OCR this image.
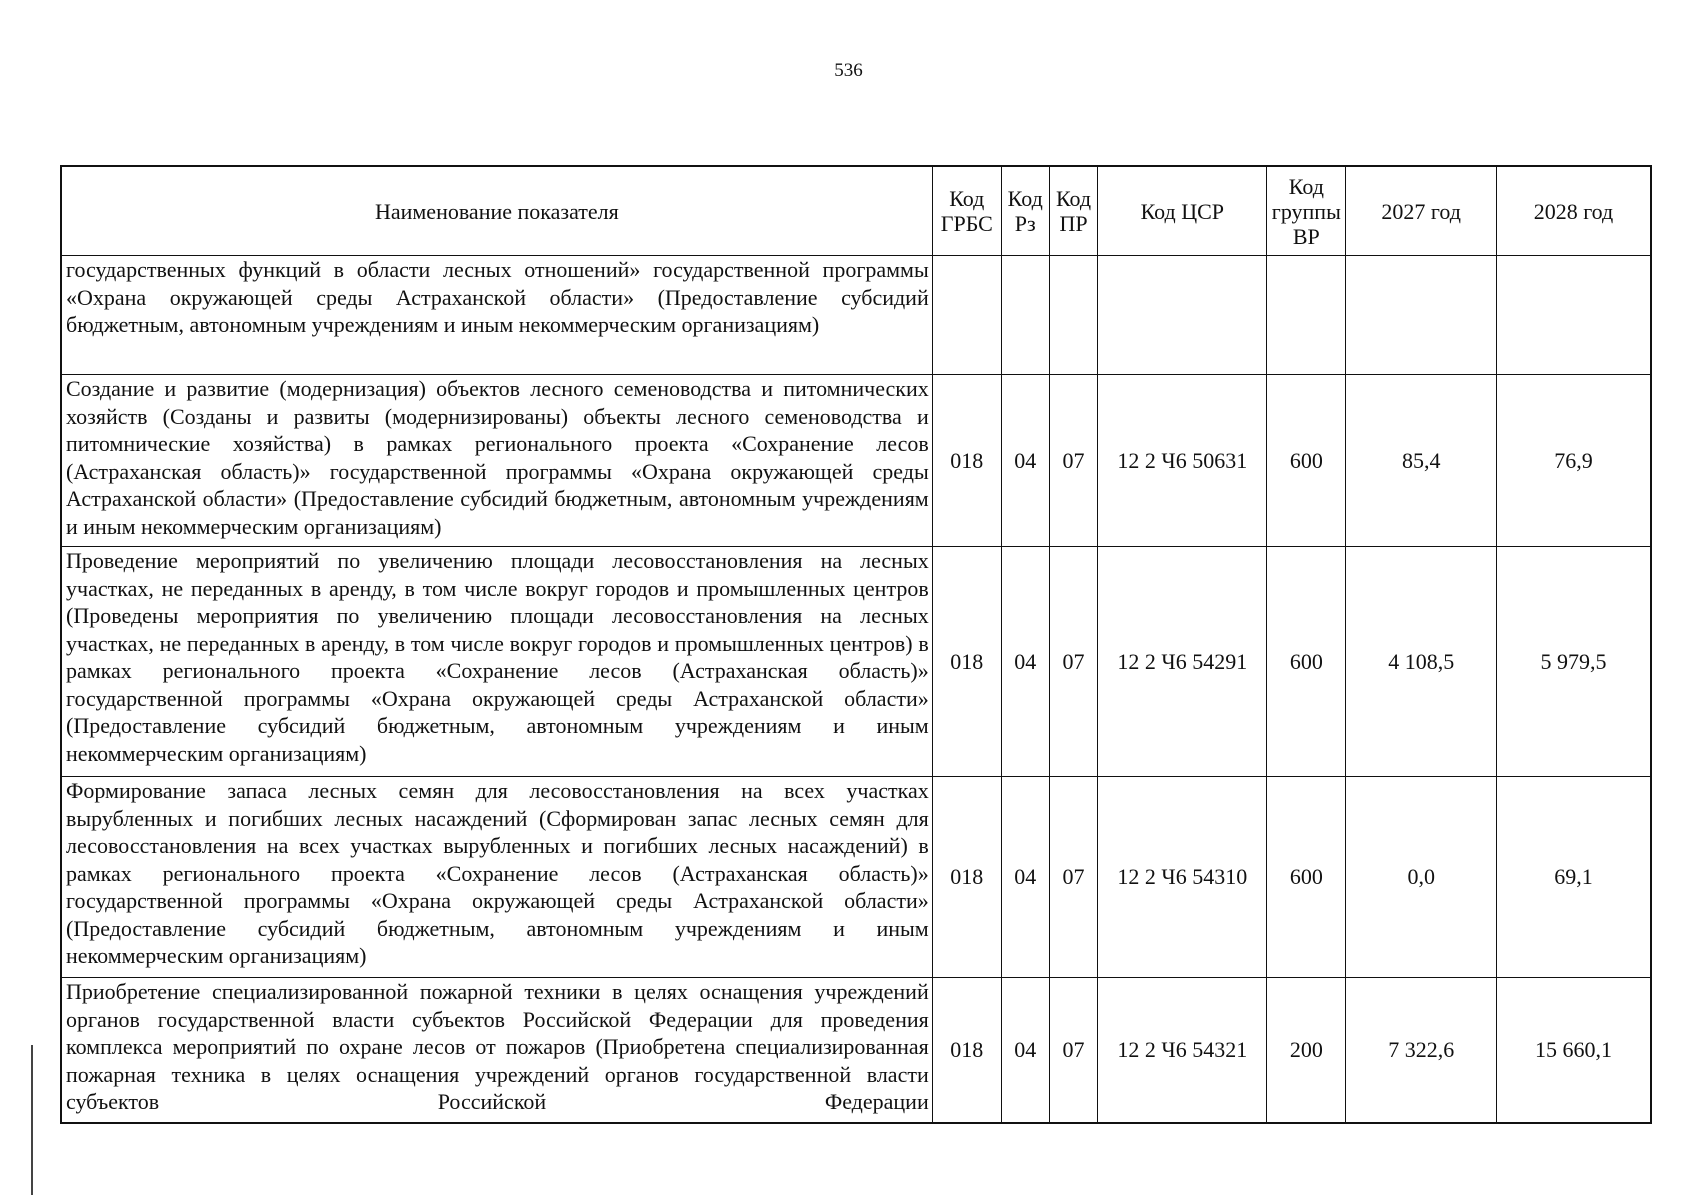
536
Наименование показателя	Код ГРБС	Код Рз	Код ПР	Код ЦСР	Код группы ВР	2027 год	2028 год
государственных функций в области лесных отношений» государственной программы «Охрана окружающей среды Астраханской области» (Предоставление субсидий бюджетным, автономным учреждениям и иным некоммерческим организациям)							
Создание и развитие (модернизация) объектов лесного семеноводства и питомнических хозяйств (Созданы и развиты (модернизированы) объекты лесного семеноводства и питомнические хозяйства) в рамках регионального проекта «Сохранение лесов (Астраханская область)» государственной программы «Охрана окружающей среды Астраханской области» (Предоставление субсидий бюджетным, автономным учреждениям и иным некоммерческим организациям)	018	04	07	12 2 Ч6 50631	600	85,4	76,9
Проведение мероприятий по увеличению площади лесовосстановления на лесных участках, не переданных в аренду, в том числе вокруг городов и промышленных центров (Проведены мероприятия по увеличению площади лесовосстановления на лесных участках, не переданных в аренду, в том числе вокруг городов и промышленных центров) в рамках регионального проекта «Сохранение лесов (Астраханская область)» государственной программы «Охрана окружающей среды Астраханской области» (Предоставление субсидий бюджетным, автономным учреждениям и иным некоммерческим организациям)	018	04	07	12 2 Ч6 54291	600	4 108,5	5 979,5
Формирование запаса лесных семян для лесовосстановления на всех участках вырубленных и погибших лесных насаждений (Сформирован запас лесных семян для лесовосстановления на всех участках вырубленных и погибших лесных насаждений) в рамках регионального проекта «Сохранение лесов (Астраханская область)» государственной программы «Охрана окружающей среды Астраханской области» (Предоставление субсидий бюджетным, автономным учреждениям и иным некоммерческим организациям)	018	04	07	12 2 Ч6 54310	600	0,0	69,1
Приобретение специализированной пожарной техники в целях оснащения учреждений органов государственной власти субъектов Российской Федерации для проведения комплекса мероприятий по охране лесов от пожаров (Приобретена специализированная пожарная техника в целях оснащения учреждений органов государственной власти субъектов Российской Федерации	018	04	07	12 2 Ч6 54321	200	7 322,6	15 660,1
